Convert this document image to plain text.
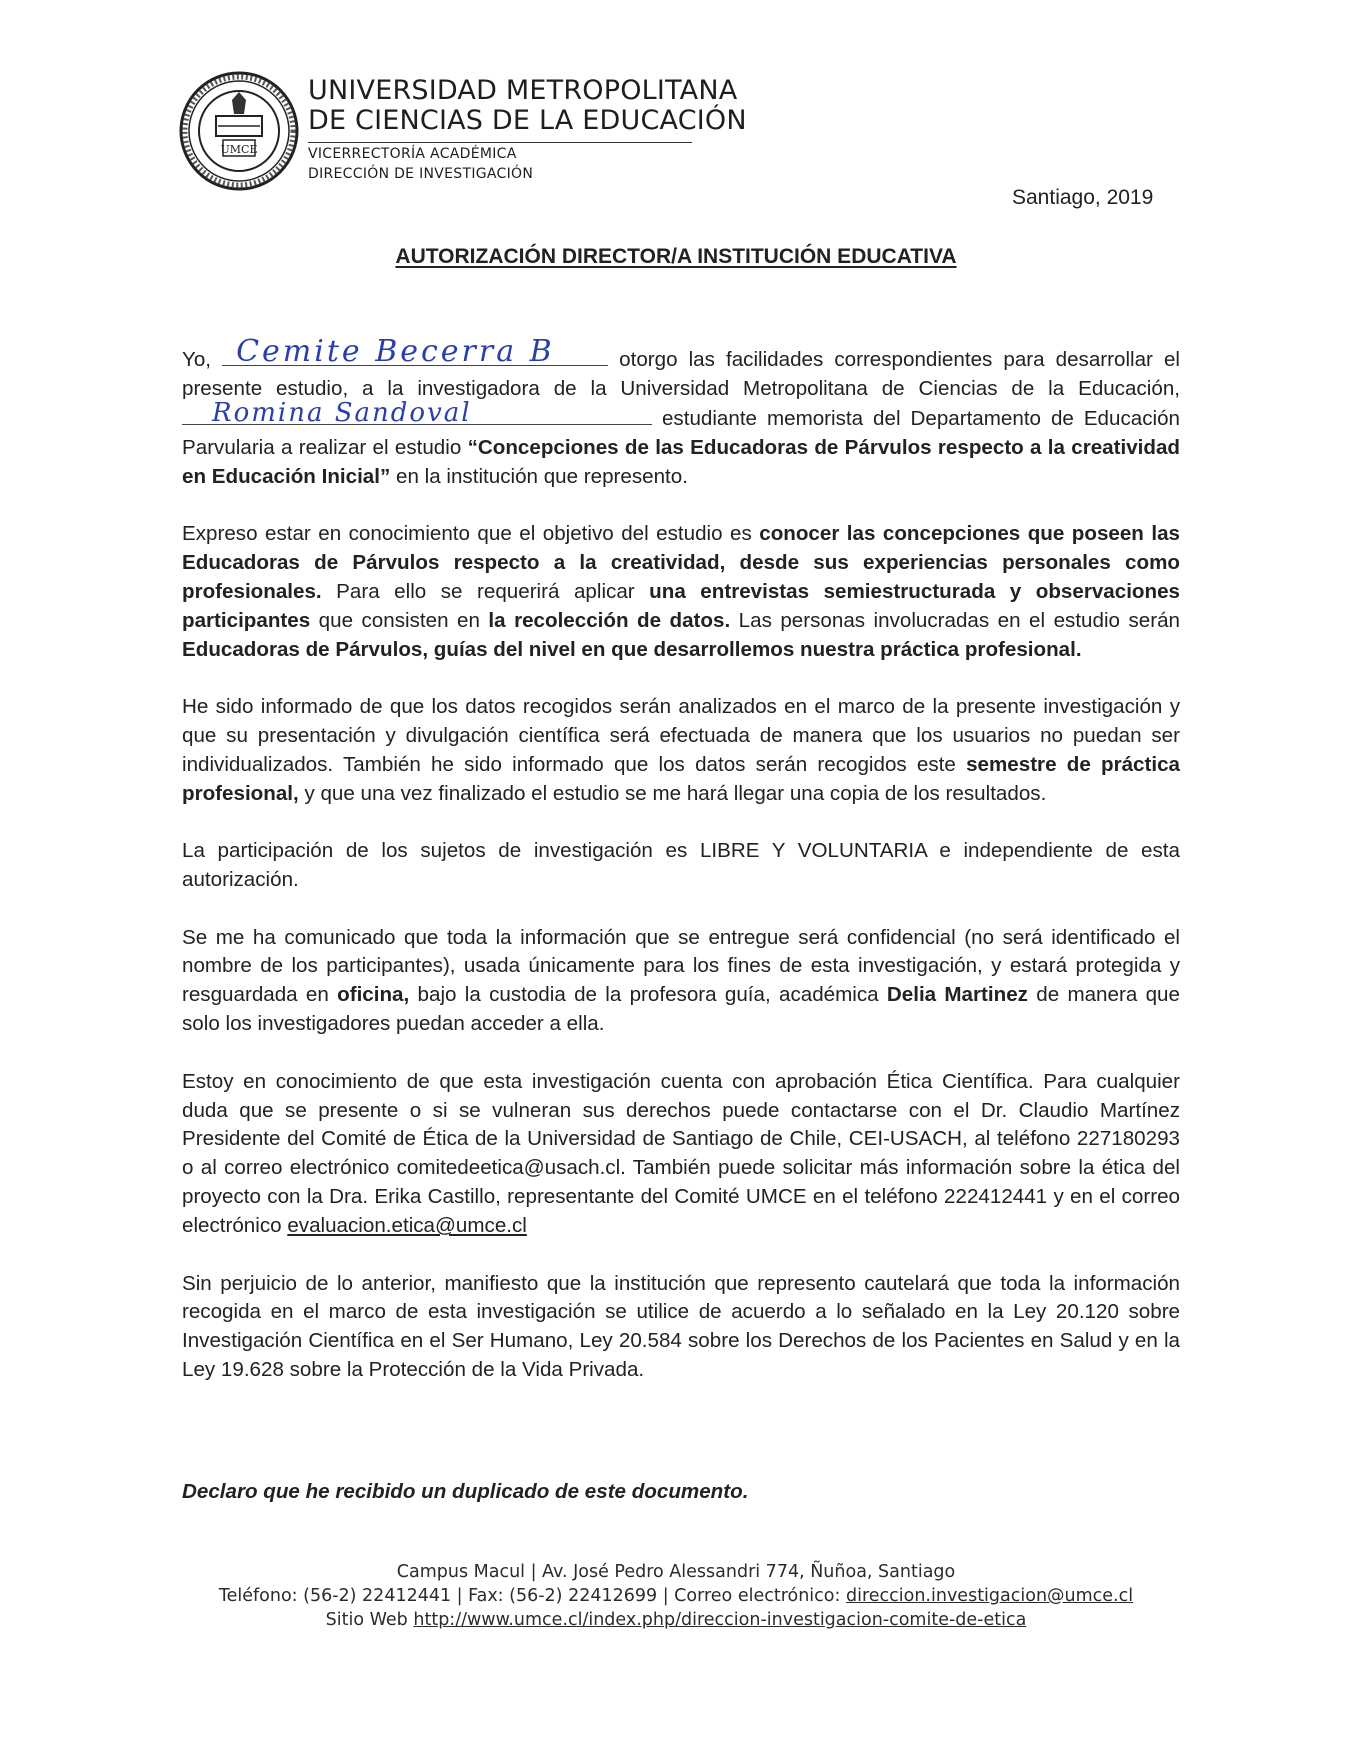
UMCE
UNIVERSIDAD METROPOLITANA
DE CIENCIAS DE LA EDUCACIÓN
VICERRECTORÍA ACADÉMICA
DIRECCIÓN DE INVESTIGACIÓN
Santiago, 2019
AUTORIZACIÓN DIRECTOR/A INSTITUCIÓN EDUCATIVA

Yo, Cemite Becerra B	otorgo las facilidades correspondientes para desarrollar el presente estudio, a la investigadora de la Universidad Metropolitana de Ciencias de la Educación,
Romina Sandoval	estudiante memorista del Departamento de Educación Parvularia a realizar el estudio “Concepciones de las Educadoras de Párvulos respecto a la creatividad en Educación Inicial” en la institución que represento.

Expreso estar en conocimiento que el objetivo del estudio es conocer las concepciones que poseen las Educadoras de Párvulos respecto a la creatividad, desde sus experiencias personales como profesionales. Para ello se requerirá aplicar una entrevistas semiestructurada y observaciones participantes que consisten en la recolección de datos. Las personas involucradas en el estudio serán Educadoras de Párvulos, guías del nivel en que desarrollemos nuestra práctica profesional.

He sido informado de que los datos recogidos serán analizados en el marco de la presente investigación y que su presentación y divulgación científica será efectuada de manera que los usuarios no puedan ser individualizados. También he sido informado que los datos serán recogidos este semestre de práctica profesional, y que una vez finalizado el estudio se me hará llegar una copia de los resultados.

La participación de los sujetos de investigación es LIBRE Y VOLUNTARIA e independiente de esta autorización.

Se me ha comunicado que toda la información que se entregue será confidencial (no será identificado el nombre de los participantes), usada únicamente para los fines de esta investigación, y estará protegida y resguardada en oficina, bajo la custodia de la profesora guía, académica Delia Martinez de manera que solo los investigadores puedan acceder a ella.

Estoy en conocimiento de que esta investigación cuenta con aprobación Ética Científica. Para cualquier duda que se presente o si se vulneran sus derechos puede contactarse con el Dr. Claudio Martínez Presidente del Comité de Ética de la Universidad de Santiago de Chile, CEI-USACH, al teléfono 227180293 o al correo electrónico comitedeetica@usach.cl. También puede solicitar más información sobre la ética del proyecto con la Dra. Erika Castillo, representante del Comité UMCE en el teléfono 222412441 y en el correo electrónico evaluacion.etica@umce.cl

Sin perjuicio de lo anterior, manifiesto que la institución que represento cautelará que toda la información recogida en el marco de esta investigación se utilice de acuerdo a lo señalado en la Ley 20.120 sobre Investigación Científica en el Ser Humano, Ley 20.584 sobre los Derechos de los Pacientes en Salud y en la Ley 19.628 sobre la Protección de la Vida Privada.

Declaro que he recibido un duplicado de este documento.
Campus Macul | Av. José Pedro Alessandri 774, Ñuñoa, Santiago
Teléfono: (56-2) 22412441 | Fax: (56-2) 22412699 | Correo electrónico: direccion.investigacion@umce.cl
Sitio Web http://www.umce.cl/index.php/direccion-investigacion-comite-de-etica
